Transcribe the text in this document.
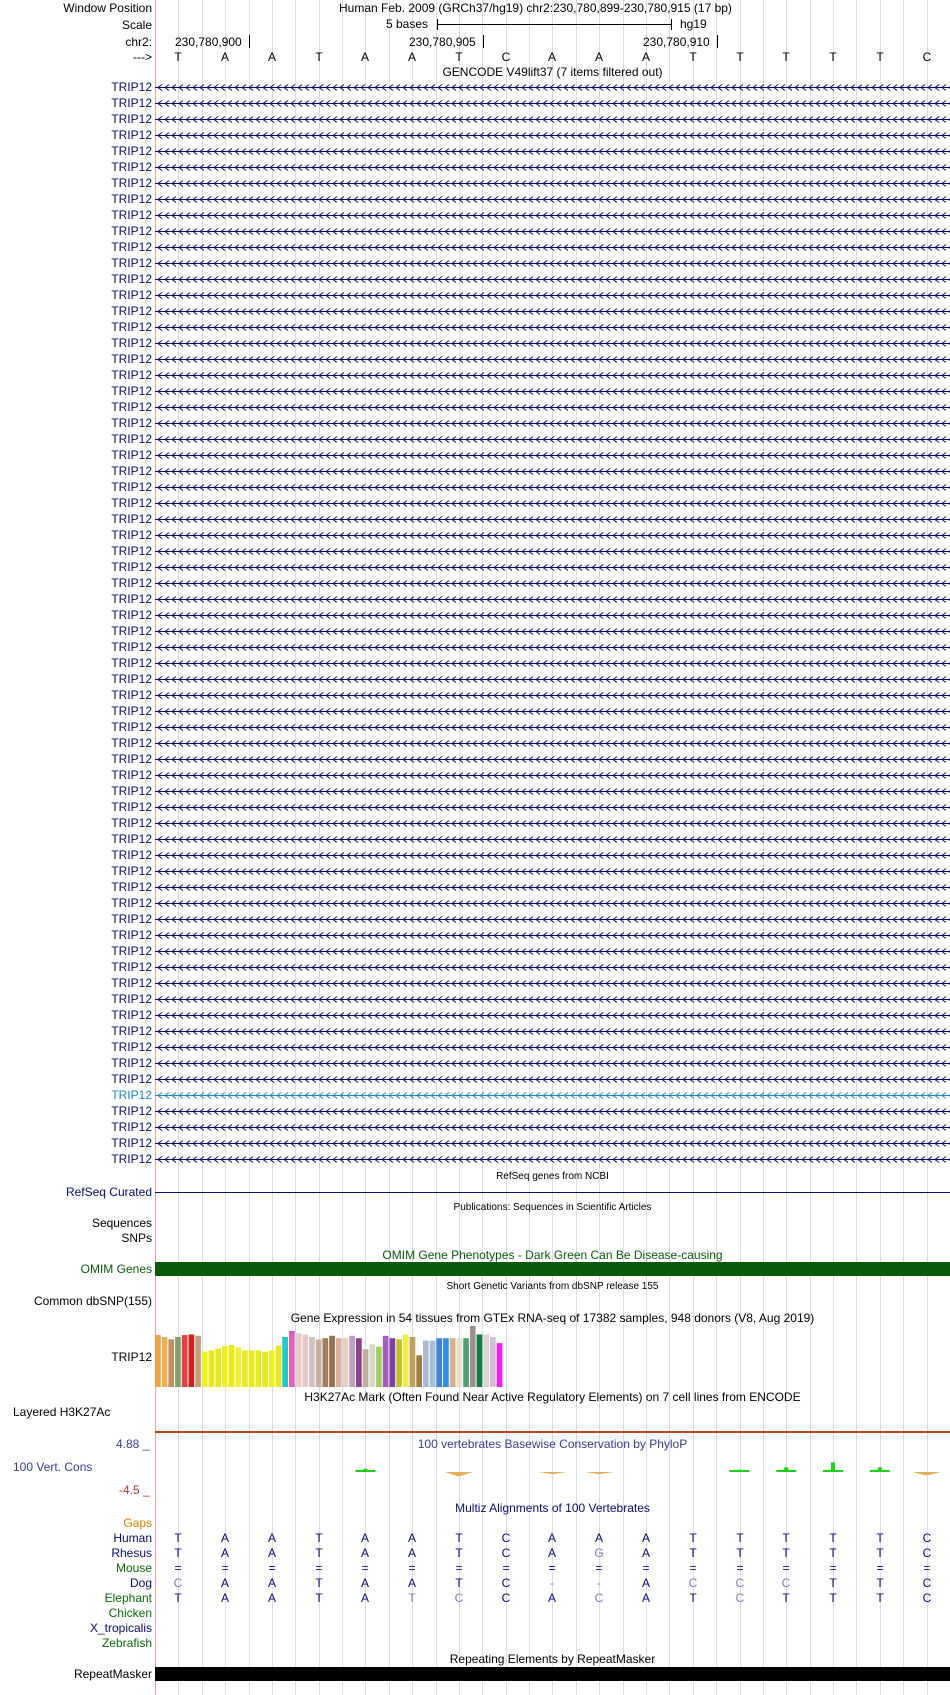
Window Position	Human Feb. 2009 (GRCh37/hg19) chr2:230,780,899-230,780,915 (17 bp)
Scale	5 bases	hg19
chr2: 230,780,900	230,780,905	230,780,910
--->	T	A	A	T	A	A	T	C	A	A	A	T	T	T	T	T	C
GENCODE V49lift37 (7 items filtered out)
TRIP12
TRIP12
TRIP12
TRIP12
TRIP12
TRIP12
TRIP12
TRIP12
TRIP12
TRIP12
TRIP12
TRIP12
TRIP12
TRIP12
TRIP12
TRIP12
TRIP12
TRIP12
TRIP12
TRIP12
TRIP12
TRIP12
TRIP12
TRIP12
TRIP12
TRIP12
TRIP12
TRIP12
TRIP12
TRIP12
TRIP12
TRIP12
TRIP12
TRIP12
TRIP12
TRIP12
TRIP12
TRIP12
TRIP12
TRIP12
TRIP12
TRIP12
TRIP12
TRIP12
TRIP12
TRIP12
TRIP12
TRIP12
TRIP12
TRIP12
TRIP12
TRIP12
TRIP12
TRIP12
TRIP12
TRIP12
TRIP12
TRIP12
TRIP12
TRIP12
TRIP12
TRIP12
TRIP12
TRIP12
TRIP12
TRIP12
TRIP12
TRIP12
RefSeq genes from NCBI
RefSeq Curated
Publications: Sequences in Scientific Articles
Sequences
SNPs
OMIM Gene Phenotypes - Dark Green Can Be Disease-causing
OMIM Genes
Short Genetic Variants from dbSNP release 155
Common dbSNP(155)
Gene Expression in 54 tissues from GTEx RNA-seq of 17382 samples, 948 donors (V8, Aug 2019)
TRIP12
H3K27Ac Mark (Often Found Near Active Regulatory Elements) on 7 cell lines from ENCODE
Layered H3K27Ac
100 vertebrates Basewise Conservation by PhyloP
4.88 _
100 Vert. Cons
-4.5 _
Multiz Alignments of 100 Vertebrates
Gaps
Human	T	A	A	T	A	A	T	C	A	A	A	T	T	T	T	T	C
Rhesus	T	A	A	T	A	A	T	C	A	G	A	T	T	T	T	T	C
Mouse	=	=	=	=	=	=	=	=	=	=	=	=	=	=	=	=	=
Dog	C	A	A	T	A	A	T	C	-	-	A	C	C	C	T	T	C
Elephant	T	A	A	T	A	T	C	C	A	C	A	T	C	T	T	T	C
Chicken
X_tropicalis
Zebrafish
Repeating Elements by RepeatMasker
RepeatMasker
